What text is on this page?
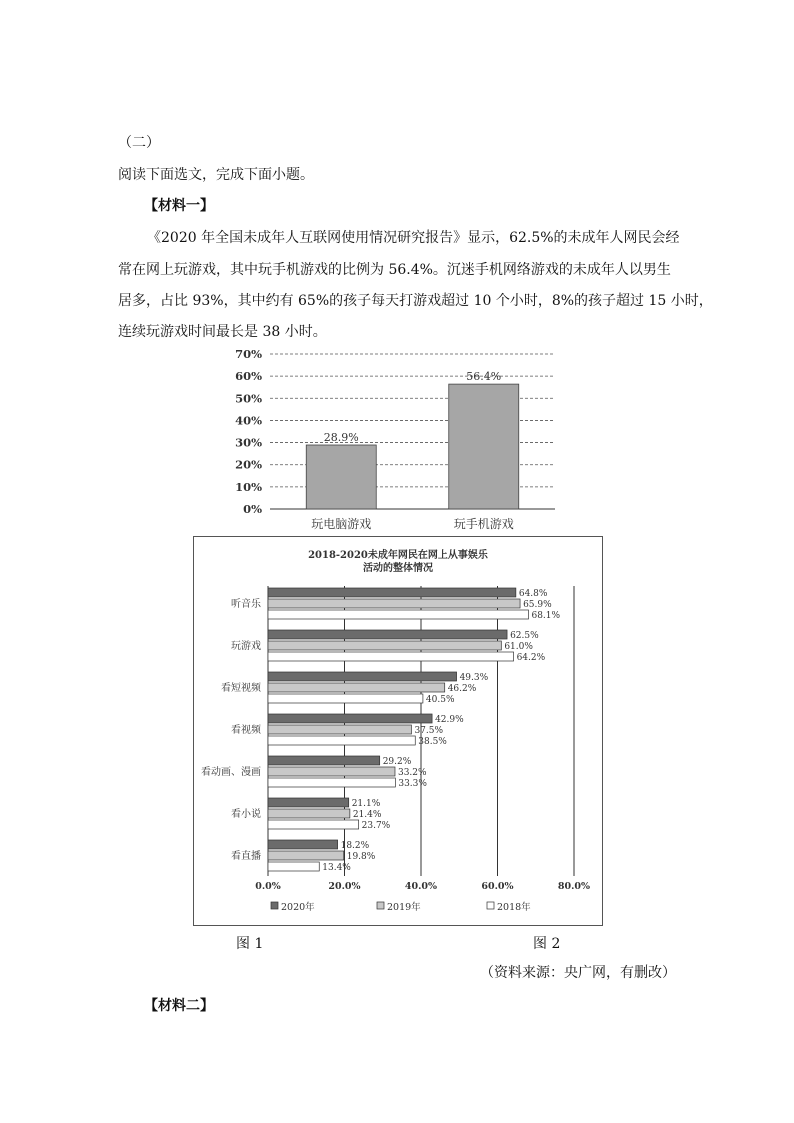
（二）
阅读下面选文，完成下面小题。
【材料一】
《2020 年全国未成年人互联网使用情况研究报告》显示，62.5%的未成年人网民会经
常在网上玩游戏，其中玩手机游戏的比例为 56.4%。沉迷手机网络游戏的未成年人以男生
居多，占比 93%，其中约有 65%的孩子每天打游戏超过 10 个小时，8%的孩子超过 15 小时，
连续玩游戏时间最长是 38 小时。
0%
10%
20%
30%
40%
50%
60%
70%
28.9%
玩电脑游戏
56.4%
玩手机游戏
2018-2020未成年网民在网上从事娱乐
活动的整体情况
0.0%	20.0%	40.0%	60.0%	80.0%
听音乐
64.8%
65.9%
68.1%
玩游戏
62.5%
61.0%
64.2%
看短视频
49.3%
46.2%
40.5%
看视频
42.9%
37.5%
38.5%
看动画、漫画
29.2%
33.2%
33.3%
看小说
21.1%
21.4%
23.7%
看直播
18.2%
19.8%
13.4%
2020年	2019年	2018年
图 1	图 2
（资料来源：央广网，有删改）
【材料二】
